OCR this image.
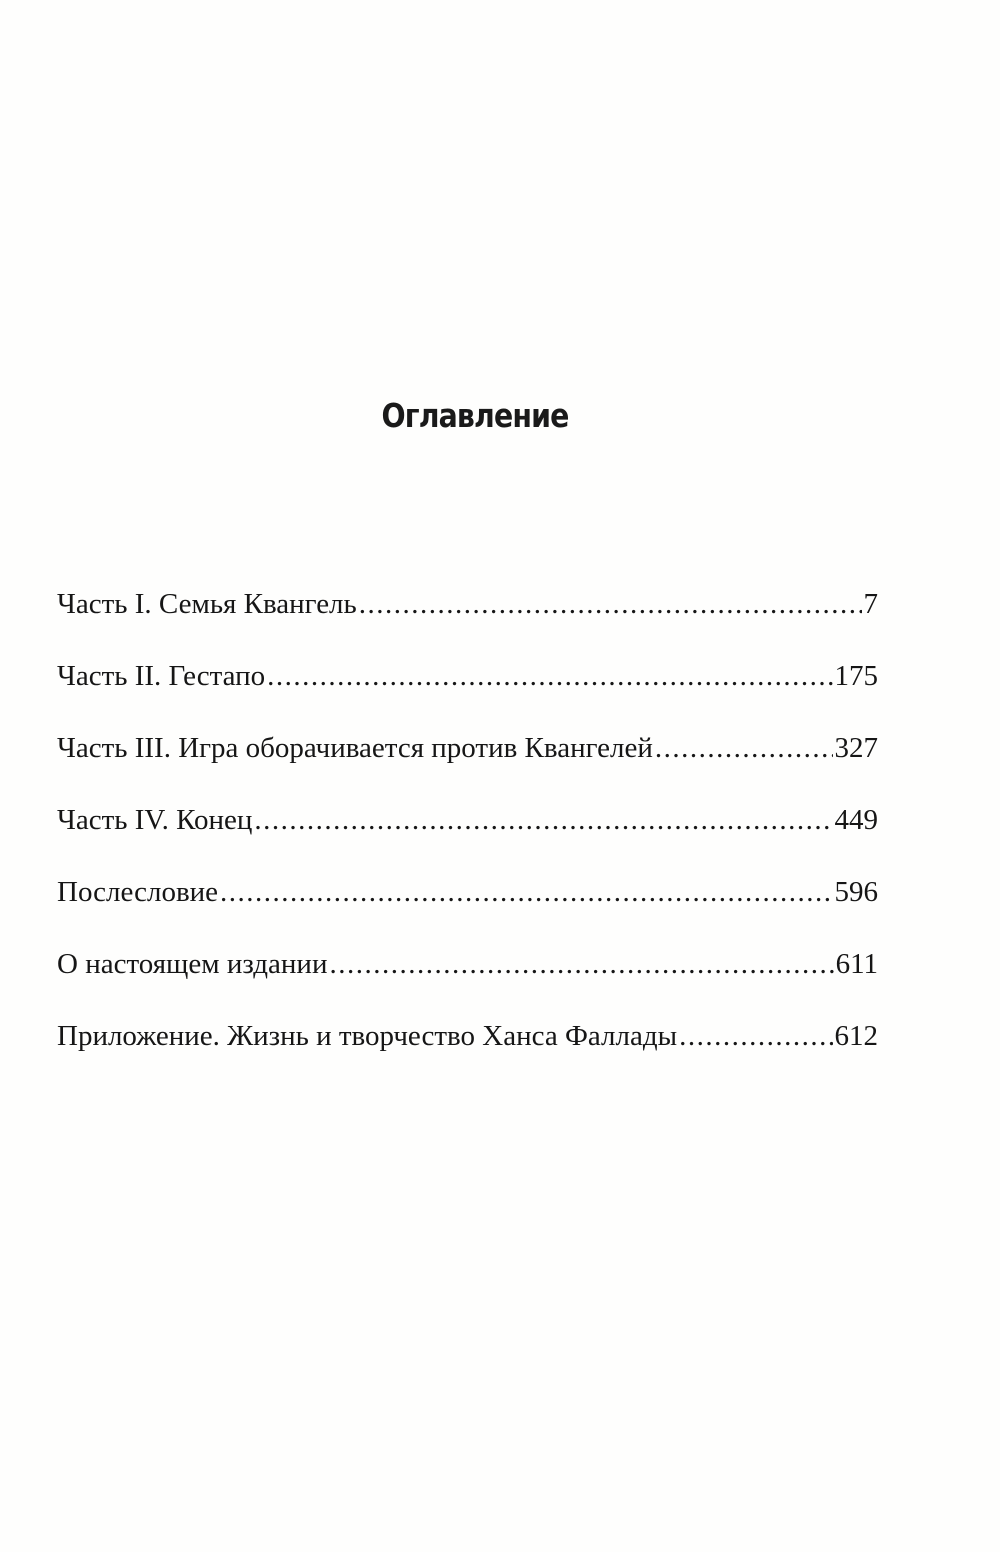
Оглавление
Часть I. Семья Квангель .....	7
Часть II. Гестапо .....	175
Часть III. Игра оборачивается против Квангелей .....	327
Часть IV. Конец .....	449
Послесловие .....	596
О настоящем издании .....	611
Приложение. Жизнь и творчество Ханса Фаллады .....	612
